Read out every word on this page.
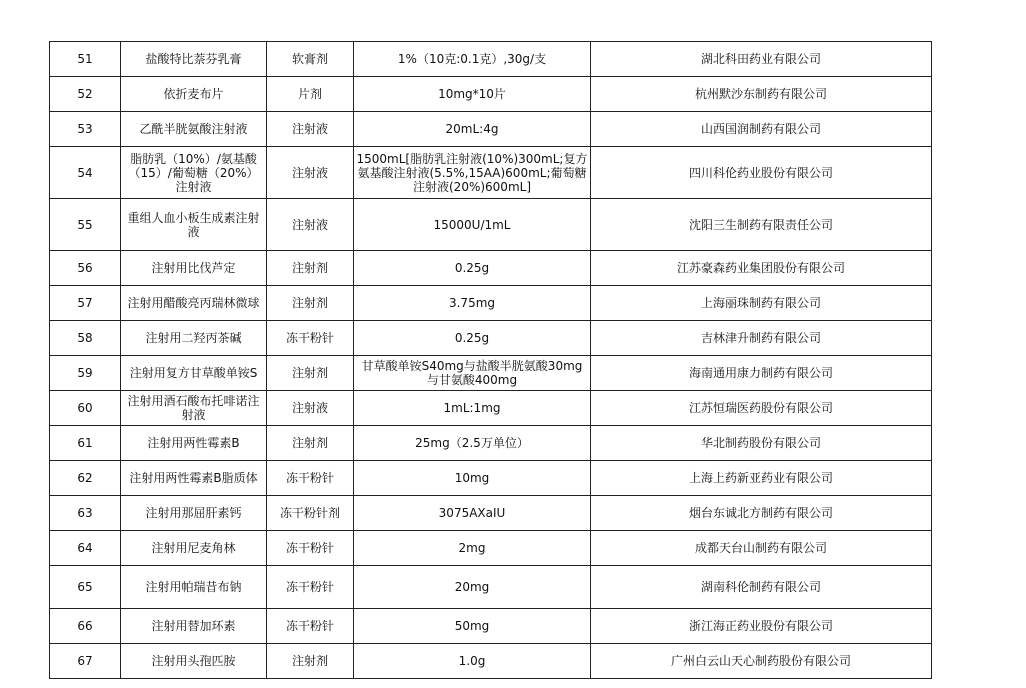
51	盐酸特比萘芬乳膏	软膏剂	1%（10克:0.1克）,30g/支	湖北科田药业有限公司
52	依折麦布片	片剂	10mg*10片	杭州默沙东制药有限公司
53	乙酰半胱氨酸注射液	注射液	20mL:4g	山西国润制药有限公司
54	脂肪乳（10%）/氨基酸（15）/葡萄糖（20%）注射液	注射液	1500mL[脂肪乳注射液(10%)300mL;复方氨基酸注射液(5.5%,15AA)600mL;葡萄糖注射液(20%)600mL]	四川科伦药业股份有限公司
55	重组人血小板生成素注射液	注射液	15000U/1mL	沈阳三生制药有限责任公司
56	注射用比伐芦定	注射剂	0.25g	江苏豪森药业集团股份有限公司
57	注射用醋酸亮丙瑞林微球	注射剂	3.75mg	上海丽珠制药有限公司
58	注射用二羟丙茶碱	冻干粉针	0.25g	吉林津升制药有限公司
59	注射用复方甘草酸单铵S	注射剂	甘草酸单铵S40mg与盐酸半胱氨酸30mg与甘氨酸400mg	海南通用康力制药有限公司
60	注射用酒石酸布托啡诺注射液	注射液	1mL:1mg	江苏恒瑞医药股份有限公司
61	注射用两性霉素B	注射剂	25mg（2.5万单位）	华北制药股份有限公司
62	注射用两性霉素B脂质体	冻干粉针	10mg	上海上药新亚药业有限公司
63	注射用那屈肝素钙	冻干粉针剂	3075AXaIU	烟台东诚北方制药有限公司
64	注射用尼麦角林	冻干粉针	2mg	成都天台山制药有限公司
65	注射用帕瑞昔布钠	冻干粉针	20mg	湖南科伦制药有限公司
66	注射用替加环素	冻干粉针	50mg	浙江海正药业股份有限公司
67	注射用头孢匹胺	注射剂	1.0g	广州白云山天心制药股份有限公司
